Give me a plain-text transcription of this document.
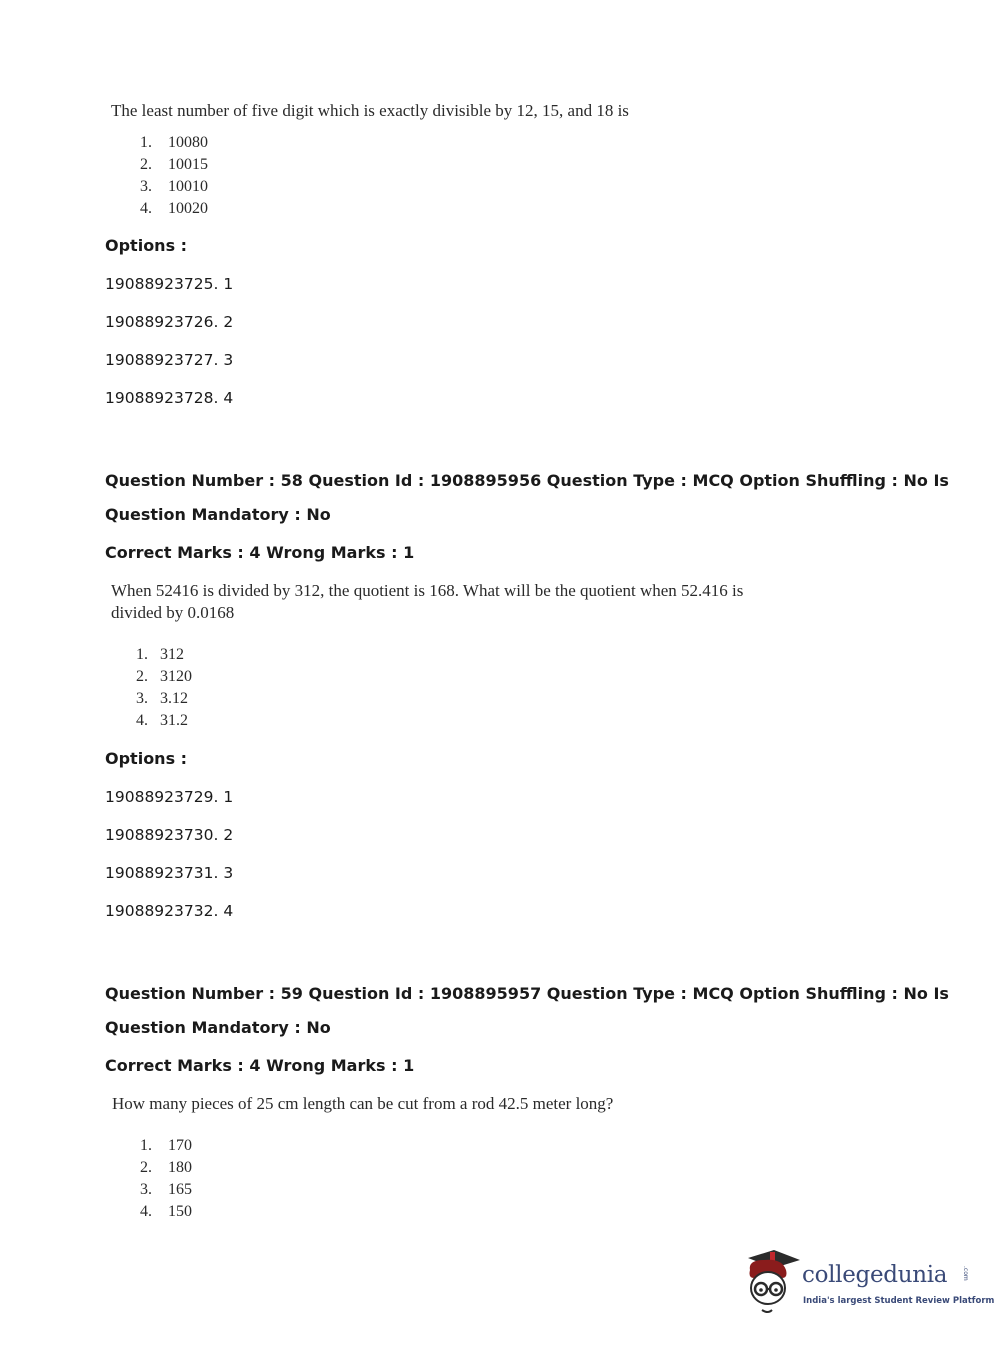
The least number of five digit which is exactly divisible by 12, 15, and 18 is
1.	10080
2.	10015
3.	10010
4.	10020
Options :
19088923725. 1
19088923726. 2
19088923727. 3
19088923728. 4
Question Number : 58 Question Id : 1908895956 Question Type : MCQ Option Shuffling : No Is
Question Mandatory : No
Correct Marks : 4 Wrong Marks : 1
When 52416 is divided by 312, the quotient is 168. What will be the quotient when 52.416 is
divided by 0.0168
1. 312
2. 3120
3. 3.12
4. 31.2
Options :
19088923729. 1
19088923730. 2
19088923731. 3
19088923732. 4
Question Number : 59 Question Id : 1908895957 Question Type : MCQ Option Shuffling : No Is
Question Mandatory : No
Correct Marks : 4 Wrong Marks : 1
How many pieces of 25 cm length can be cut from a rod 42.5 meter long?
1.	170
2.	180
3.	165
4.	150
collegedunia .com
India's largest Student Review Platform
